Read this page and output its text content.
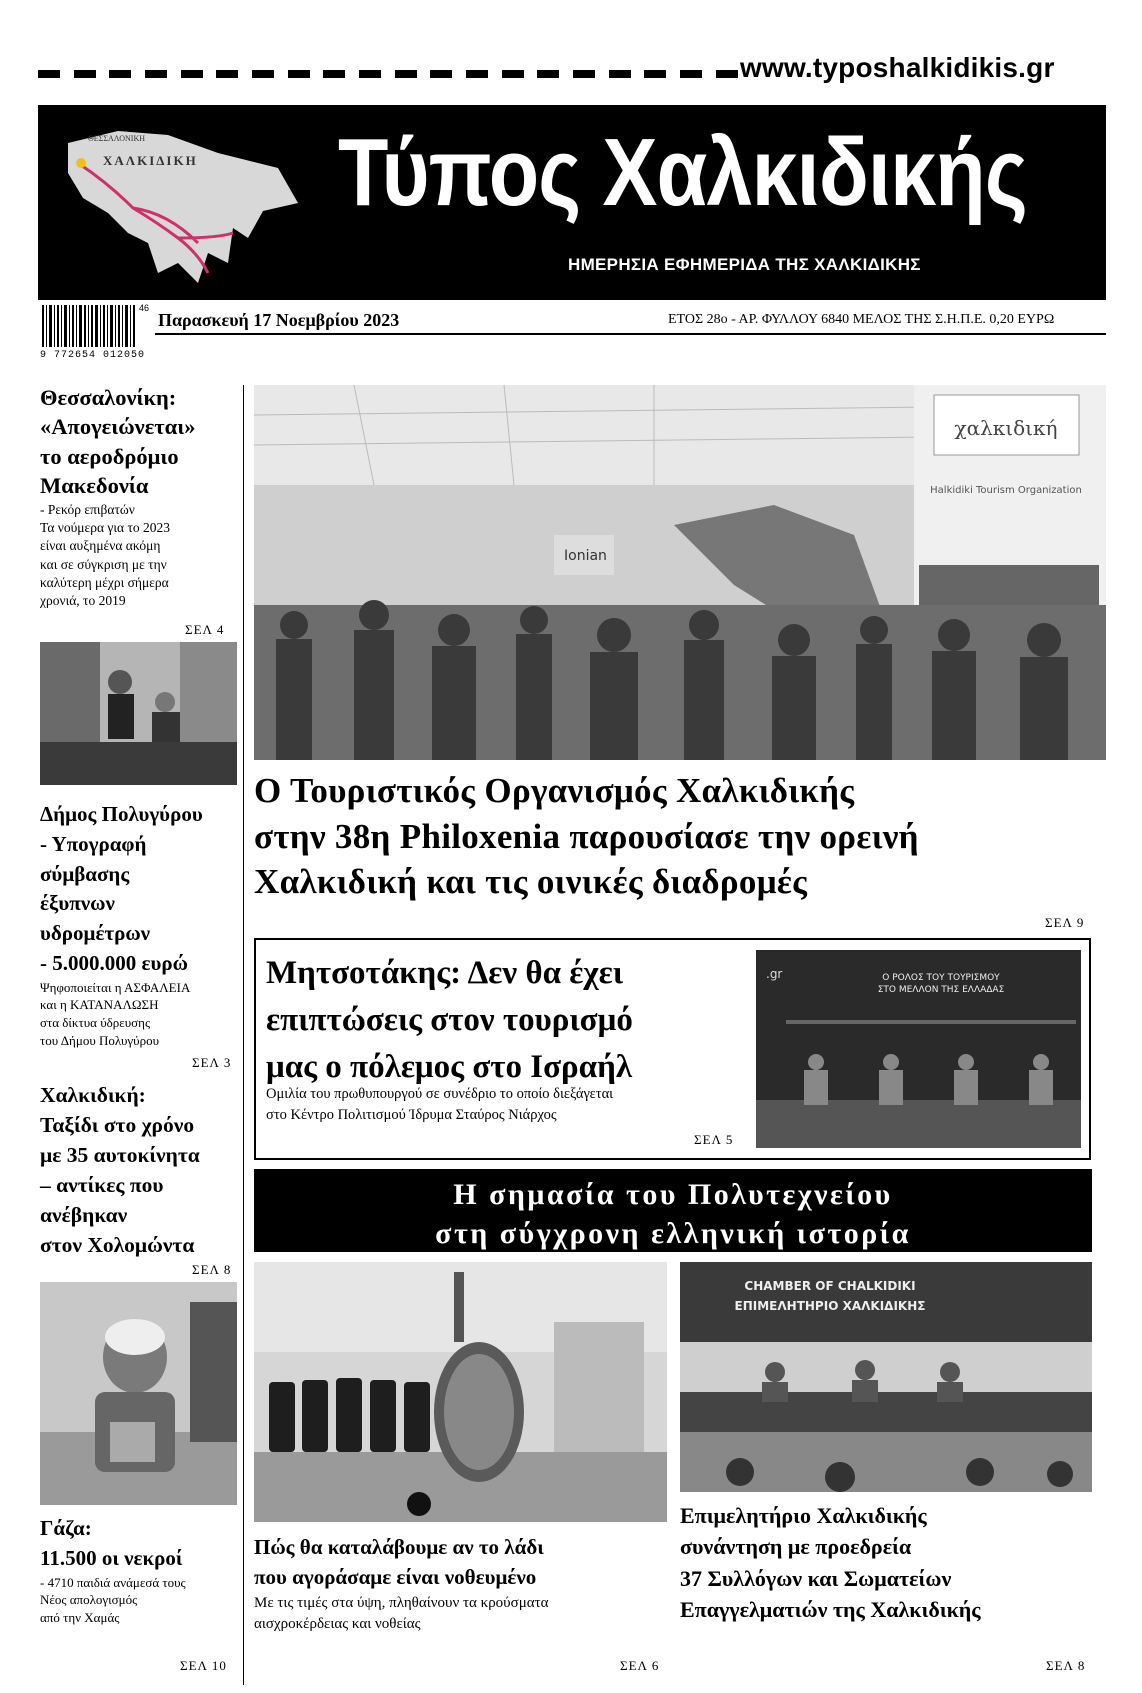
www.typoshalkidikis.gr
ΘΕΣΣΑΛΟΝΙΚΗ
ΧΑΛΚΙΔΙΚΗ Τύπος Χαλκιδικής
ΗΜΕΡΗΣΙΑ ΕΦΗΜΕΡΙΔΑ ΤΗΣ ΧΑΛΚΙΔΙΚΗΣ
46
9 772654 012050
Παρασκευή 17 Νοεμβρίου 2023	ΕΤΟΣ 28ο - ΑΡ. ΦΥΛΛΟΥ 6840 ΜΕΛΟΣ ΤΗΣ Σ.Η.Π.Ε. 0,20 ΕΥΡΩ
Θεσσαλονίκη:
«Απογειώνεται»
το αεροδρόμιο
Μακεδονία
- Ρεκόρ επιβατών
Τα νούμερα για το 2023
είναι αυξημένα ακόμη
και σε σύγκριση με την
καλύτερη μέχρι σήμερα
χρονιά, το 2019
ΣΕΛ 4
Δήμος Πολυγύρου
- Υπογραφή
σύμβασης
έξυπνων
υδρομέτρων
- 5.000.000 ευρώ
Ψηφοποιείται η ΑΣΦΑΛΕΙΑ
και η ΚΑΤΑΝΑΛΩΣΗ
στα δίκτυα ύδρευσης
του Δήμου Πολυγύρου
ΣΕΛ 3
Χαλκιδική:
Ταξίδι στο χρόνο
με 35 αυτοκίνητα
– αντίκες που
ανέβηκαν
στον Χολομώντα
ΣΕΛ 8
Γάζα:
11.500 οι νεκροί
- 4710 παιδιά ανάμεσά τους
Νέος απολογισμός
από την Χαμάς
ΣΕΛ 10
χαλκιδική
Halkidiki Tourism Organization
Ionian
Ο Τουριστικός Οργανισμός Χαλκιδικής
στην 38η Philoxenia παρουσίασε την ορεινή
Χαλκιδική και τις οινικές διαδρομές
ΣΕΛ 9
Μητσοτάκης: Δεν θα έχει
επιπτώσεις στον τουρισμό
μας ο πόλεμος στο Ισραήλ
Ομιλία του πρωθυπουργού σε συνέδριο το οποίο διεξάγεται
στο Κέντρο Πολιτισμού Ίδρυμα Σταύρος Νιάρχος
ΣΕΛ 5
.gr	Ο ΡΟΛΟΣ ΤΟΥ ΤΟΥΡΙΣΜΟΥ
ΣΤΟ ΜΕΛΛΟΝ ΤΗΣ ΕΛΛΑΔΑΣ
Η σημασία του Πολυτεχνείου
στη σύγχρονη ελληνική ιστορία	ΣΕΛ 7
Πώς θα καταλάβουμε αν το λάδι
που αγοράσαμε είναι νοθευμένο
Με τις τιμές στα ύψη, πληθαίνουν τα κρούσματα
αισχροκέρδειας και νοθείας
ΣΕΛ 6
CHAMBER OF CHALKIDIKI
ΕΠΙΜΕΛΗΤΗΡΙΟ ΧΑΛΚΙΔΙΚΗΣ
Επιμελητήριο Χαλκιδικής
συνάντηση με προεδρεία
37 Συλλόγων και Σωματείων
Επαγγελματιών της Χαλκιδικής
ΣΕΛ 8
